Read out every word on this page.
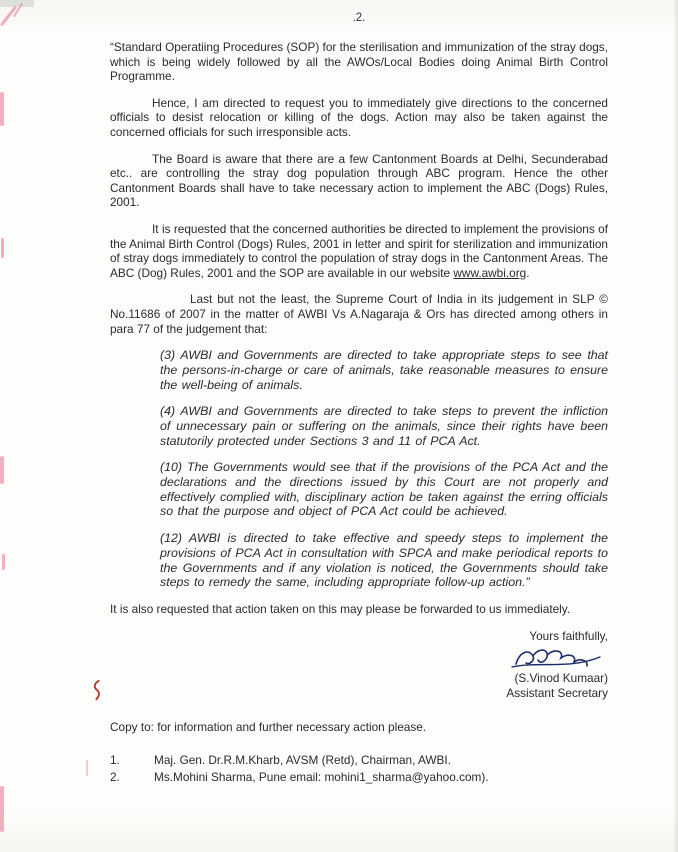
.2.

“Standard Operatiing Procedures (SOP) for the sterilisation and immunization of the stray dogs, which is being widely followed by all the AWOs/Local Bodies doing Animal Birth Control Programme.

Hence, I am directed to request you to immediately give directions to the concerned officials to desist relocation or killing of the dogs. Action may also be taken against the concerned officials for such irresponsible acts.

The Board is aware that there are a few Cantonment Boards at Delhi, Secunderabad etc.. are controlling the stray dog population through ABC program. Hence the other Cantonment Boards shall have to take necessary action to implement the ABC (Dogs) Rules, 2001.

It is requested that the concerned authorities be directed to implement the provisions of the Animal Birth Control (Dogs) Rules, 2001 in letter and spirit for sterilization and immunization of stray dogs immediately to control the population of stray dogs in the Cantonment Areas. The ABC (Dog) Rules, 2001 and the SOP are available in our website www.awbi.org.

Last but not the least, the Supreme Court of India in its judgement in SLP © No.11686 of 2007 in the matter of AWBI Vs A.Nagaraja & Ors has directed among others in para 77 of the judgement that:

(3) AWBI and Governments are directed to take appropriate steps to see that the persons-in-charge or care of animals, take reasonable measures to ensure the well-being of animals.

(4) AWBI and Governments are directed to take steps to prevent the infliction of unnecessary pain or suffering on the animals, since their rights have been statutorily protected under Sections 3 and 11 of PCA Act.

(10) The Governments would see that if the provisions of the PCA Act and the declarations and the directions issued by this Court are not properly and effectively complied with, disciplinary action be taken against the erring officials so that the purpose and object of PCA Act could be achieved.

(12) AWBI is directed to take effective and speedy steps to implement the provisions of PCA Act in consultation with SPCA and make periodical reports to the Governments and if any violation is noticed, the Governments should take steps to remedy the same, including appropriate follow-up action.”

It is also requested that action taken on this may please be forwarded to us immediately.

Yours faithfully,
(S.Vinod Kumaar)
Assistant Secretary

Copy to: for information and further necessary action please.

1.	Maj. Gen. Dr.R.M.Kharb, AVSM (Retd), Chairman, AWBI.
2.	Ms.Mohini Sharma, Pune email: mohini1_sharma@yahoo.com).
